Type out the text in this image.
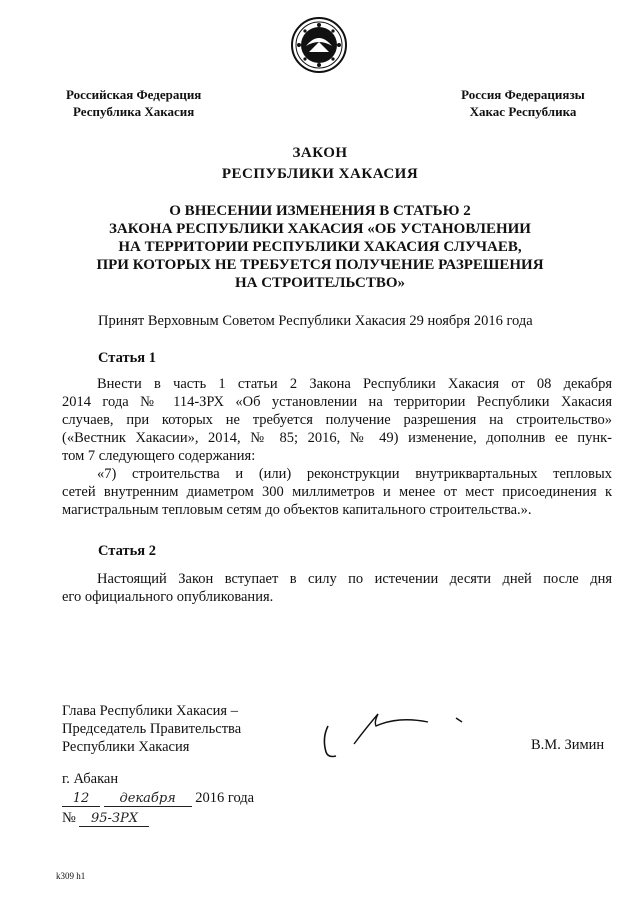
Российская Федерация
Республика Хакасия
Россия Федерациязы
Хакас Республика
ЗАКОН
РЕСПУБЛИКИ ХАКАСИЯ
О ВНЕСЕНИИ ИЗМЕНЕНИЯ В СТАТЬЮ 2
ЗАКОНА РЕСПУБЛИКИ ХАКАСИЯ «ОБ УСТАНОВЛЕНИИ
НА ТЕРРИТОРИИ РЕСПУБЛИКИ ХАКАСИЯ СЛУЧАЕВ,
ПРИ КОТОРЫХ НЕ ТРЕБУЕТСЯ ПОЛУЧЕНИЕ РАЗРЕШЕНИЯ
НА СТРОИТЕЛЬСТВО»
Принят Верховным Советом Республики Хакасия 29 ноября 2016 года
Статья 1
Внести в часть 1 статьи 2 Закона Республики Хакасия от 08 декабря
2014 года № 114-ЗРХ «Об установлении на территории Республики Хакасия
случаев, при которых не требуется получение разрешения на строительство»
(«Вестник Хакасии», 2014, № 85; 2016, № 49) изменение, дополнив ее пунк-
том 7 следующего содержания:
«7) строительства и (или) реконструкции внутриквартальных тепловых
сетей внутренним диаметром 300 миллиметров и менее от мест присоединения к
магистральным тепловым сетям до объектов капитального строительства.».
Статья 2
Настоящий Закон вступает в силу по истечении десяти дней после дня
его официального опубликования.
Глава Республики Хакасия –
Председатель Правительства
Республики Хакасия	В.М. Зимин
г. Абакан
12 декабря 2016 года
№ 95-ЗРХ
k309 h1
